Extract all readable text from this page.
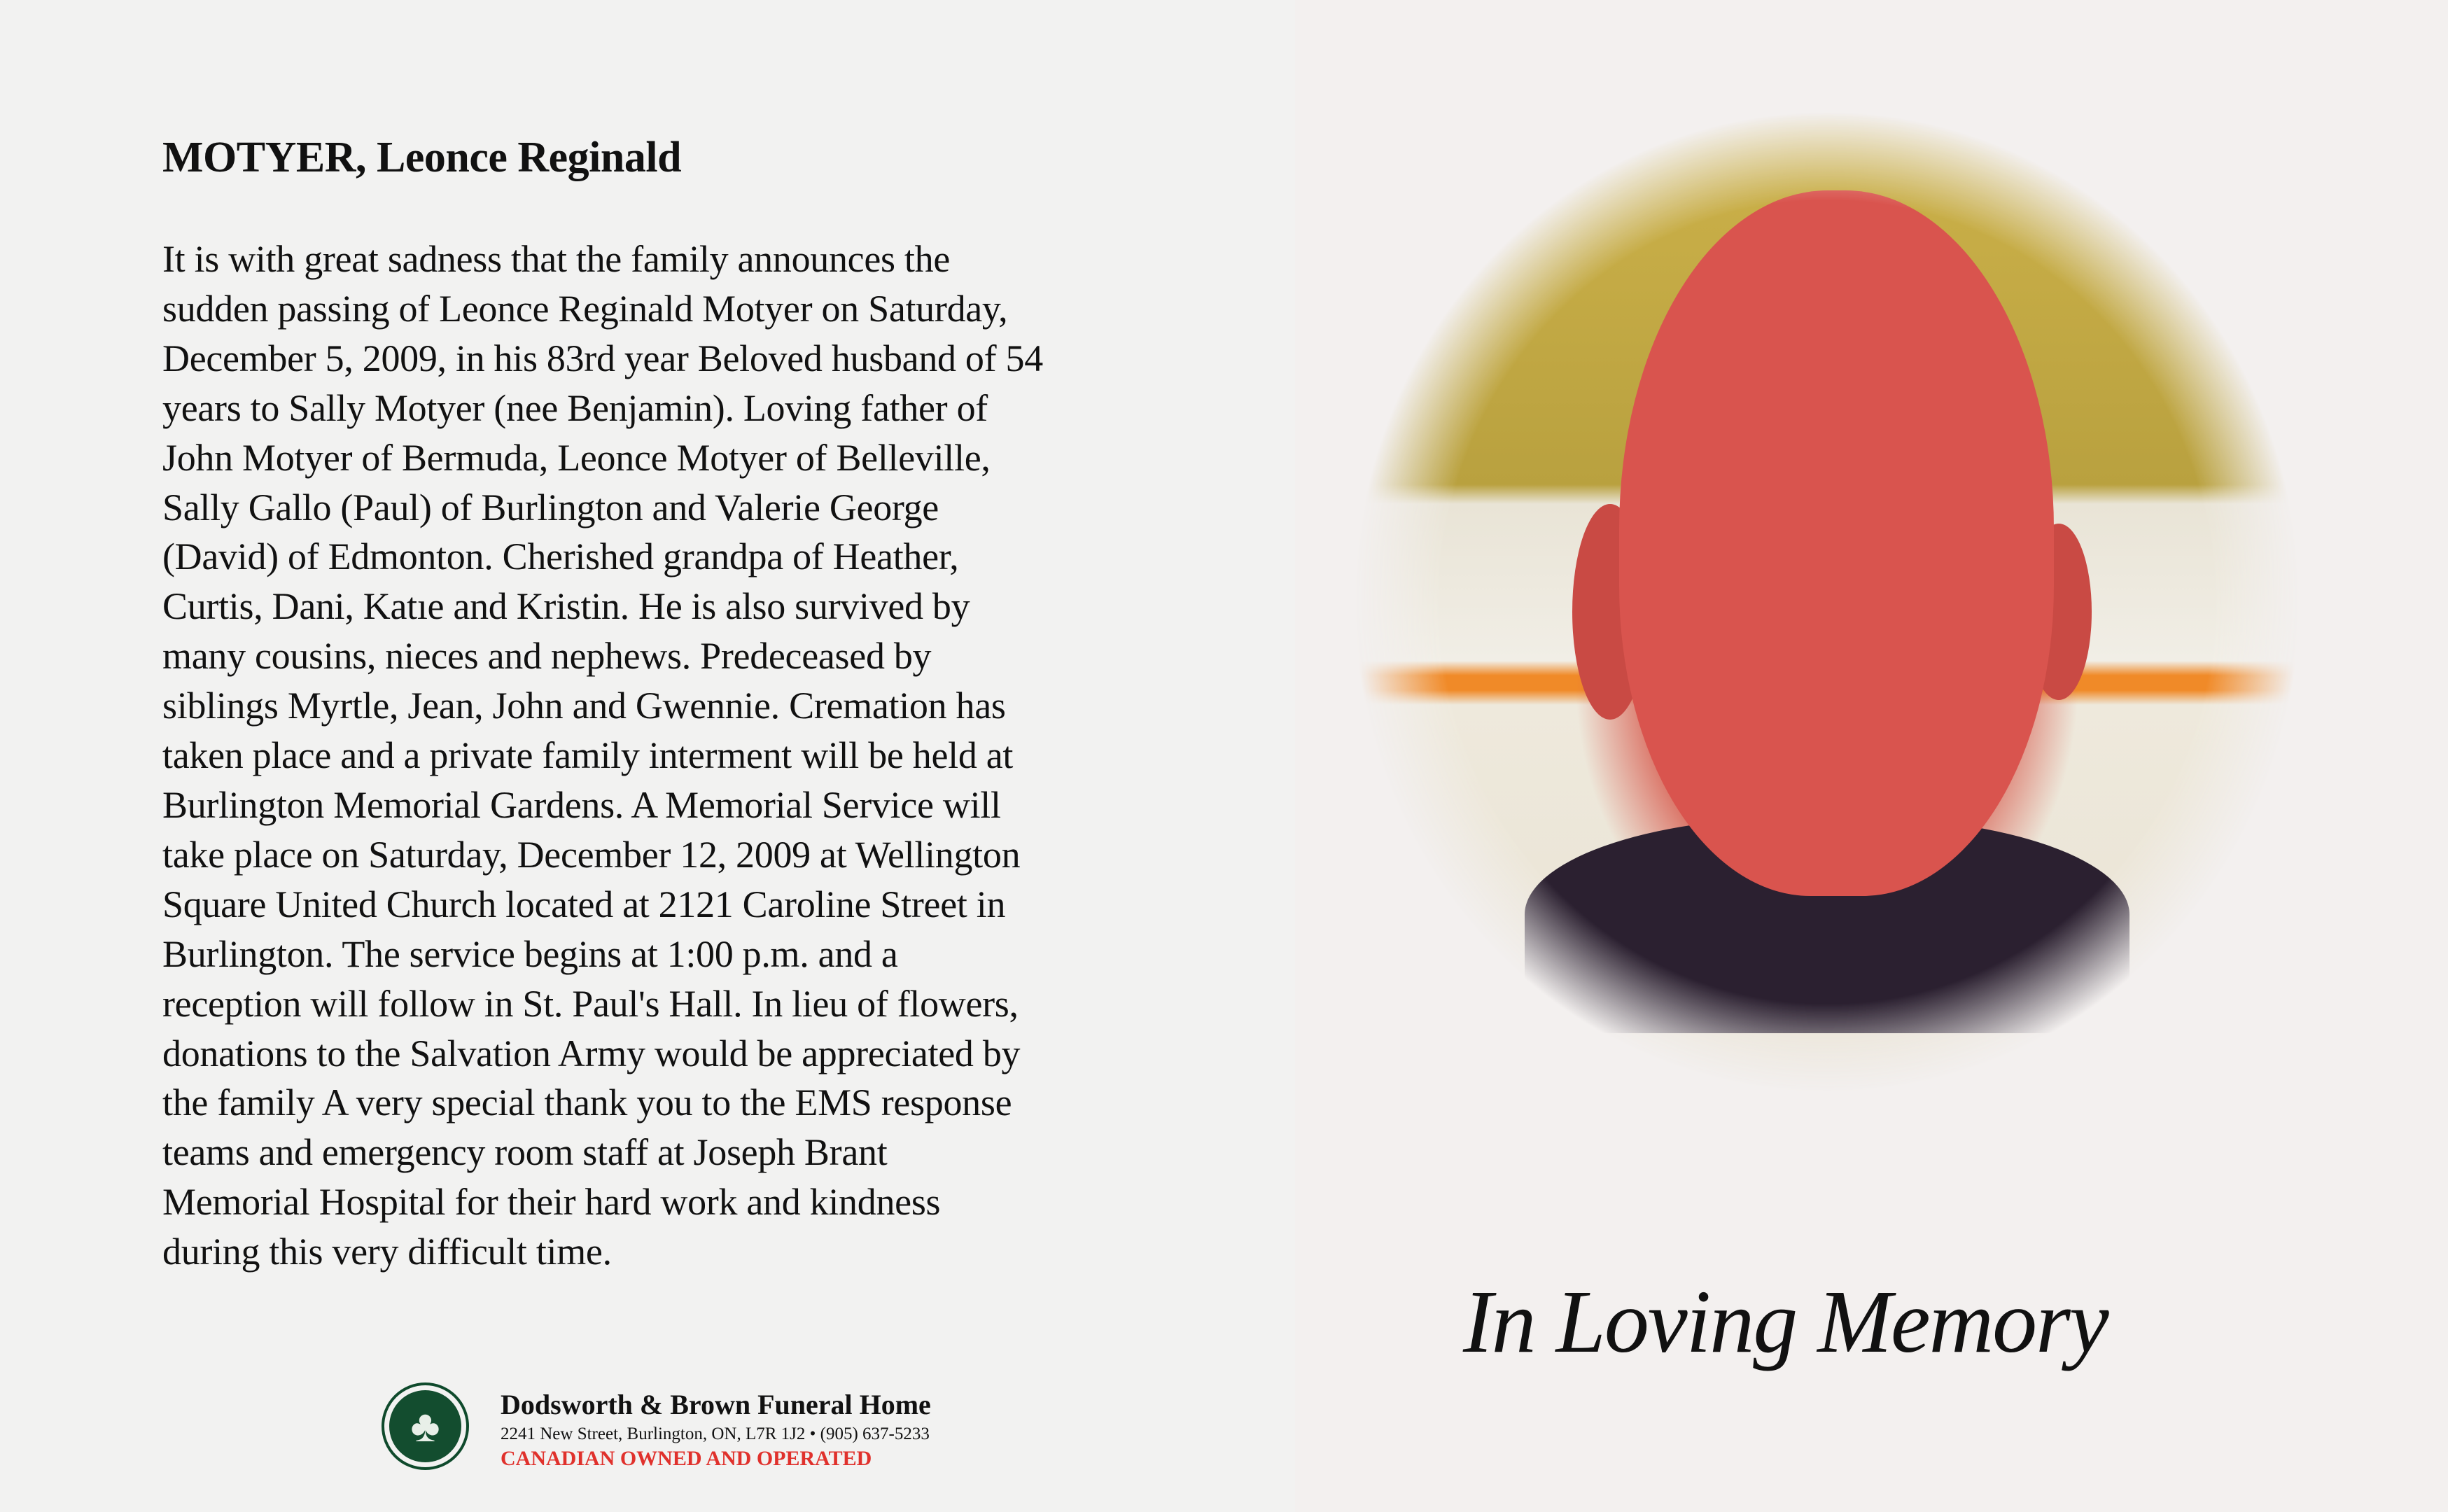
MOTYER, Leonce Reginald
It is with great sadness that the family announces the
sudden passing of Leonce Reginald Motyer on Saturday,
December 5, 2009, in his 83rd year Beloved husband of 54
years to Sally Motyer (nee Benjamin). Loving father of
John Motyer of Bermuda, Leonce Motyer of Belleville,
Sally Gallo (Paul) of Burlington and Valerie George
(David) of Edmonton. Cherished grandpa of Heather,
Curtis, Dani, Katıe and Kristin. He is also survived by
many cousins, nieces and nephews. Predeceased by
siblings Myrtle, Jean, John and Gwennie. Cremation has
taken place and a private family interment will be held at
Burlington Memorial Gardens. A Memorial Service will
take place on Saturday, December 12, 2009 at Wellington
Square United Church located at 2121 Caroline Street in
Burlington. The service begins at 1:00 p.m. and a
reception will follow in St. Paul's Hall. In lieu of flowers,
donations to the Salvation Army would be appreciated by
the family A very special thank you to the EMS response
teams and emergency room staff at Joseph Brant
Memorial Hospital for their hard work and kindness
during this very difficult time.
In Loving Memory
♣	Dodsworth & Brown Funeral Home
2241 New Street, Burlington, ON, L7R 1J2 • (905) 637-5233
CANADIAN OWNED AND OPERATED
